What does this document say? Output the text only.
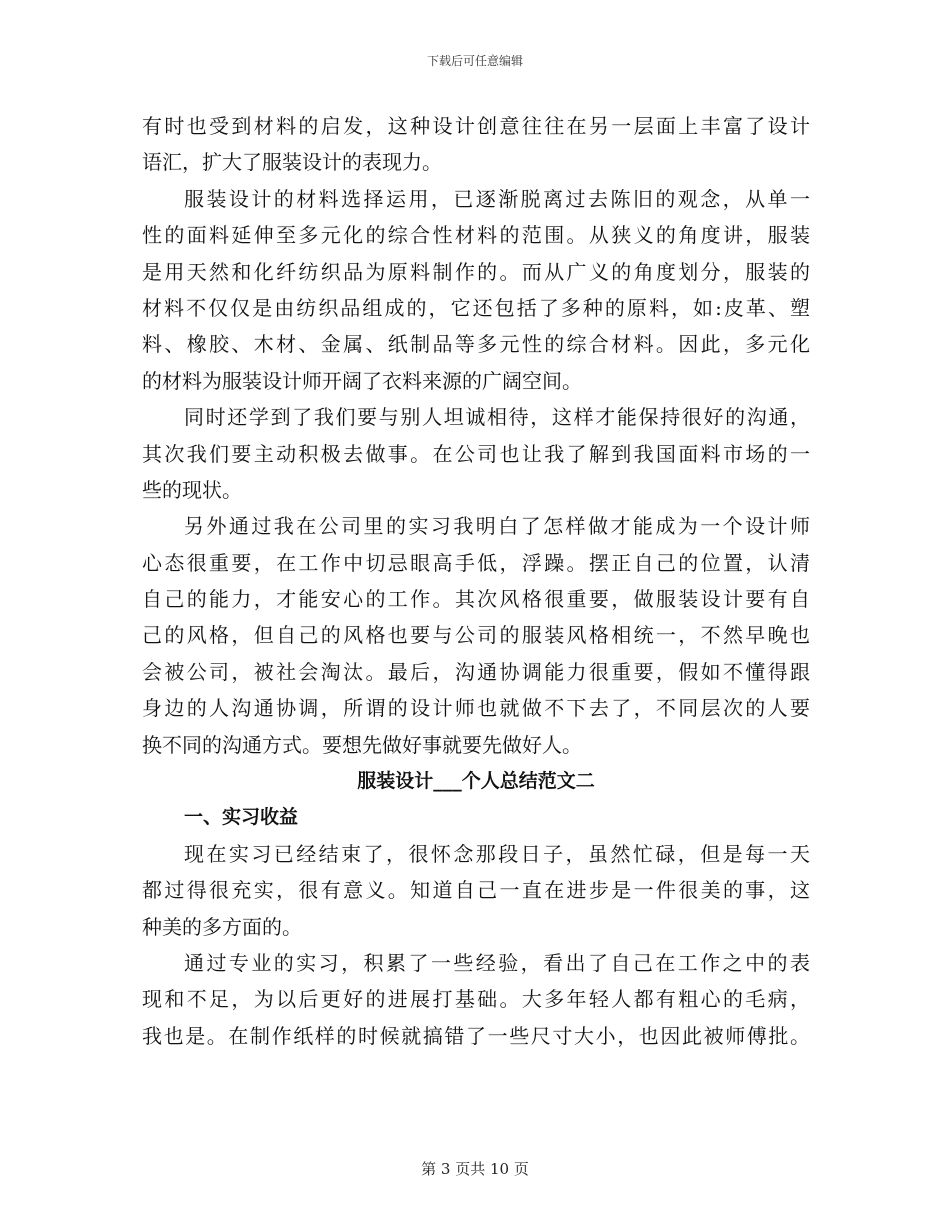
下载后可任意编辑
有时也受到材料的启发，这种设计创意往往在另一层面上丰富了设计
语汇，扩大了服装设计的表现力。
服装设计的材料选择运用，已逐渐脱离过去陈旧的观念，从单一
性的面料延伸至多元化的综合性材料的范围。从狭义的角度讲，服装
是用天然和化纤纺织品为原料制作的。而从广义的角度划分，服装的
材料不仅仅是由纺织品组成的，它还包括了多种的原料，如:皮革、塑
料、橡胶、木材、金属、纸制品等多元性的综合材料。因此，多元化
的材料为服装设计师开阔了衣料来源的广阔空间。
同时还学到了我们要与别人坦诚相待，这样才能保持很好的沟通，
其次我们要主动积极去做事。在公司也让我了解到我国面料市场的一
些的现状。
另外通过我在公司里的实习我明白了怎样做才能成为一个设计师
心态很重要，在工作中切忌眼高手低，浮躁。摆正自己的位置，认清
自己的能力，才能安心的工作。其次风格很重要，做服装设计要有自
己的风格，但自己的风格也要与公司的服装风格相统一，不然早晚也
会被公司，被社会淘汰。最后，沟通协调能力很重要，假如不懂得跟
身边的人沟通协调，所谓的设计师也就做不下去了，不同层次的人要
换不同的沟通方式。要想先做好事就要先做好人。
服装设计___个人总结范文二
一、实习收益
现在实习已经结束了，很怀念那段日子，虽然忙碌，但是每一天
都过得很充实，很有意义。知道自己一直在进步是一件很美的事，这
种美的多方面的。
通过专业的实习，积累了一些经验，看出了自己在工作之中的表
现和不足，为以后更好的进展打基础。大多年轻人都有粗心的毛病，
我也是。在制作纸样的时候就搞错了一些尺寸大小，也因此被师傅批。
第 3 页共 10 页
